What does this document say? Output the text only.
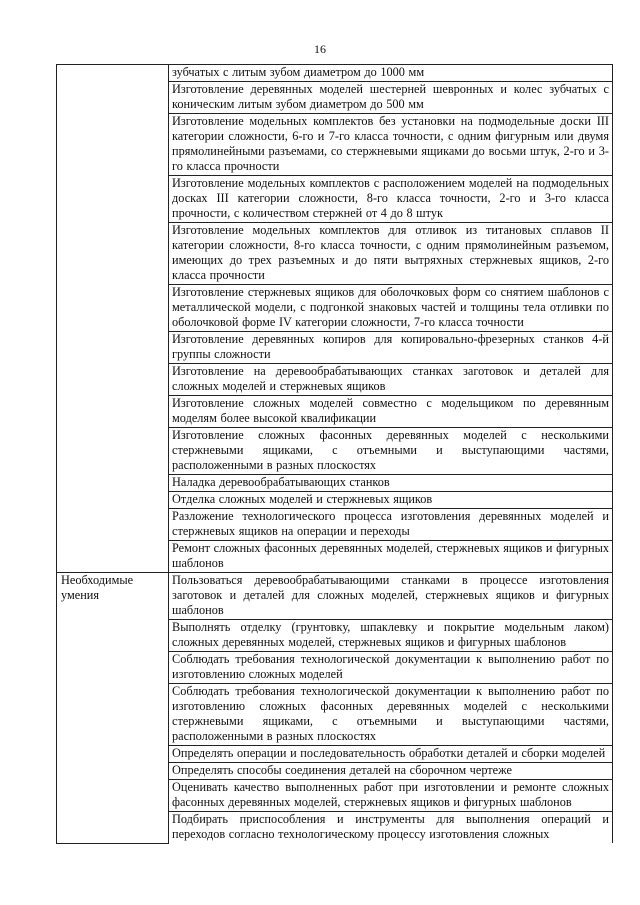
16
	зубчатых с литым зубом диаметром до 1000 мм
	Изготовление деревянных моделей шестерней шевронных и колес зубчатых с коническим литым зубом диаметром до 500 мм
	Изготовление модельных комплектов без установки на подмодельные доски III категории сложности, 6-го и 7-го класса точности, с одним фигурным или двумя прямолинейными разъемами, со стержневыми ящиками до восьми штук, 2-го и 3-го класса прочности
	Изготовление модельных комплектов с расположением моделей на подмодельных досках III категории сложности, 8-го класса точности, 2-го и 3-го класса прочности, с количеством стержней от 4 до 8 штук
	Изготовление модельных комплектов для отливок из титановых сплавов II категории сложности, 8-го класса точности, с одним прямолинейным разъемом, имеющих до трех разъемных и до пяти вытряхных стержневых ящиков, 2-го класса прочности
	Изготовление стержневых ящиков для оболочковых форм со снятием шаблонов с металлической модели, с подгонкой знаковых частей и толщины тела отливки по оболочковой форме IV категории сложности, 7-го класса точности
	Изготовление деревянных копиров для копировально-фрезерных станков 4-й группы сложности
	Изготовление на деревообрабатывающих станках заготовок и деталей для сложных моделей и стержневых ящиков
	Изготовление сложных моделей совместно с модельщиком по деревянным моделям более высокой квалификации
	Изготовление сложных фасонных деревянных моделей с несколькими стержневыми ящиками, с отъемными и выступающими частями, расположенными в разных плоскостях
	Наладка деревообрабатывающих станков
	Отделка сложных моделей и стержневых ящиков
	Разложение технологического процесса изготовления деревянных моделей и стержневых ящиков на операции и переходы
	Ремонт сложных фасонных деревянных моделей, стержневых ящиков и фигурных шаблонов
Необходимые умения	Пользоваться деревообрабатывающими станками в процессе изготовления заготовок и деталей для сложных моделей, стержневых ящиков и фигурных шаблонов
	Выполнять отделку (грунтовку, шпаклевку и покрытие модельным лаком) сложных деревянных моделей, стержневых ящиков и фигурных шаблонов
	Соблюдать требования технологической документации к выполнению работ по изготовлению сложных моделей
	Соблюдать требования технологической документации к выполнению работ по изготовлению сложных фасонных деревянных моделей с несколькими стержневыми ящиками, с отъемными и выступающими частями, расположенными в разных плоскостях
	Определять операции и последовательность обработки деталей и сборки моделей
	Определять способы соединения деталей на сборочном чертеже
	Оценивать качество выполненных работ при изготовлении и ремонте сложных фасонных деревянных моделей, стержневых ящиков и фигурных шаблонов
	Подбирать приспособления и инструменты для выполнения операций и переходов согласно технологическому процессу изготовления сложных
